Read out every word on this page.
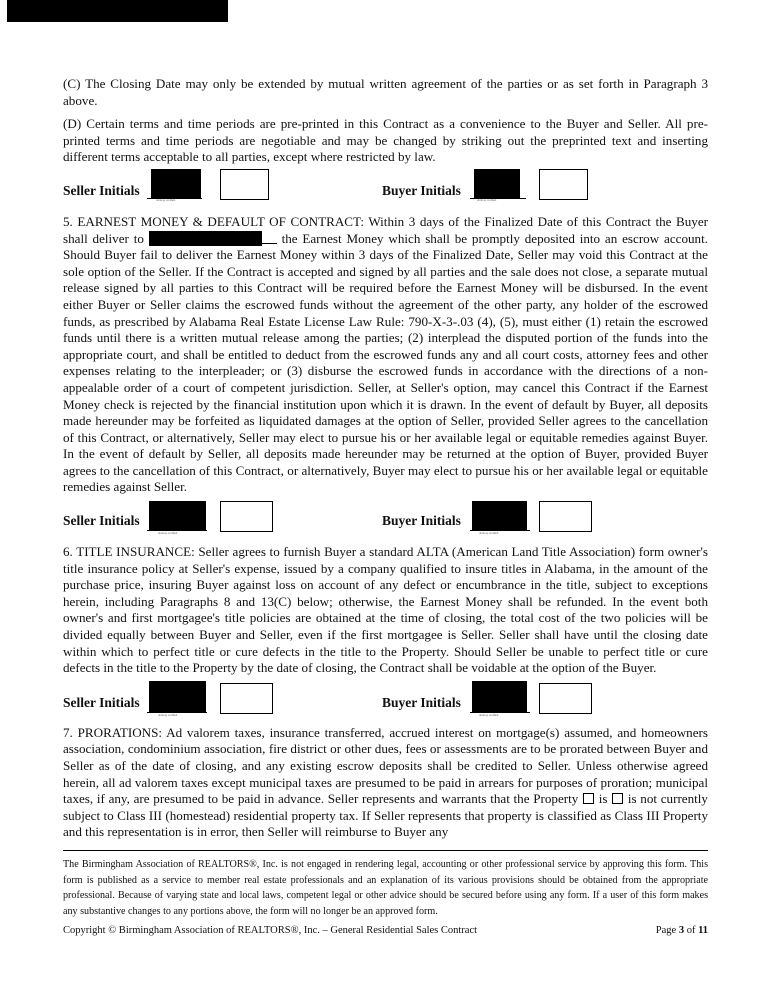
(C) The Closing Date may only be extended by mutual written agreement of the parties or as set forth in Paragraph 3 above.

(D) Certain terms and time periods are pre-printed in this Contract as a convenience to the Buyer and Seller. All pre-printed terms and time periods are negotiable and may be changed by striking out the preprinted text and inserting different terms acceptable to all parties, except where restricted by law.

Seller Initials
dotloop verified
Buyer Initials
dotloop verified

5. EARNEST MONEY & DEFAULT OF CONTRACT: Within 3 days of the Finalized Date of this Contract the Buyer shall deliver to	the Earnest Money which shall be promptly deposited into an escrow account. Should Buyer fail to deliver the Earnest Money within 3 days of the Finalized Date, Seller may void this Contract at the sole option of the Seller. If the Contract is accepted and signed by all parties and the sale does not close, a separate mutual release signed by all parties to this Contract will be required before the Earnest Money will be disbursed. In the event either Buyer or Seller claims the escrowed funds without the agreement of the other party, any holder of the escrowed funds, as prescribed by Alabama Real Estate License Law Rule: 790-X-3-.03 (4), (5), must either (1) retain the escrowed funds until there is a written mutual release among the parties; (2) interplead the disputed portion of the funds into the appropriate court, and shall be entitled to deduct from the escrowed funds any and all court costs, attorney fees and other expenses relating to the interpleader; or (3) disburse the escrowed funds in accordance with the directions of a non-appealable order of a court of competent jurisdiction. Seller, at Seller's option, may cancel this Contract if the Earnest Money check is rejected by the financial institution upon which it is drawn. In the event of default by Buyer, all deposits made hereunder may be forfeited as liquidated damages at the option of Seller, provided Seller agrees to the cancellation of this Contract, or alternatively, Seller may elect to pursue his or her available legal or equitable remedies against Buyer. In the event of default by Seller, all deposits made hereunder may be returned at the option of Buyer, provided Buyer agrees to the cancellation of this Contract, or alternatively, Buyer may elect to pursue his or her available legal or equitable remedies against Seller.

Seller Initials
dotloop verified
Buyer Initials
dotloop verified

6. TITLE INSURANCE: Seller agrees to furnish Buyer a standard ALTA (American Land Title Association) form owner's title insurance policy at Seller's expense, issued by a company qualified to insure titles in Alabama, in the amount of the purchase price, insuring Buyer against loss on account of any defect or encumbrance in the title, subject to exceptions herein, including Paragraphs 8 and 13(C) below; otherwise, the Earnest Money shall be refunded. In the event both owner's and first mortgagee's title policies are obtained at the time of closing, the total cost of the two policies will be divided equally between Buyer and Seller, even if the first mortgagee is Seller. Seller shall have until the closing date within which to perfect title or cure defects in the title to the Property. Should Seller be unable to perfect title or cure defects in the title to the Property by the date of closing, the Contract shall be voidable at the option of the Buyer.

Seller Initials
dotloop verified
Buyer Initials
dotloop verified

7. PRORATIONS: Ad valorem taxes, insurance transferred, accrued interest on mortgage(s) assumed, and homeowners association, condominium association, fire district or other dues, fees or assessments are to be prorated between Buyer and Seller as of the date of closing, and any existing escrow deposits shall be credited to Seller. Unless otherwise agreed herein, all ad valorem taxes except municipal taxes are presumed to be paid in arrears for purposes of proration; municipal taxes, if any, are presumed to be paid in advance. Seller represents and warrants that the Property is is not currently subject to Class III (homestead) residential property tax. If Seller represents that property is classified as Class III Property and this representation is in error, then Seller will reimburse to Buyer any

The Birmingham Association of REALTORS®, Inc. is not engaged in rendering legal, accounting or other professional service by approving this form. This form is published as a service to member real estate professionals and an explanation of its various provisions should be obtained from the appropriate professional. Because of varying state and local laws, competent legal or other advice should be secured before using any form. If a user of this form makes any substantive changes to any portions above, the form will no longer be an approved form.

Copyright © Birmingham Association of REALTORS®, Inc. – General Residential Sales Contract	Page 3 of 11
